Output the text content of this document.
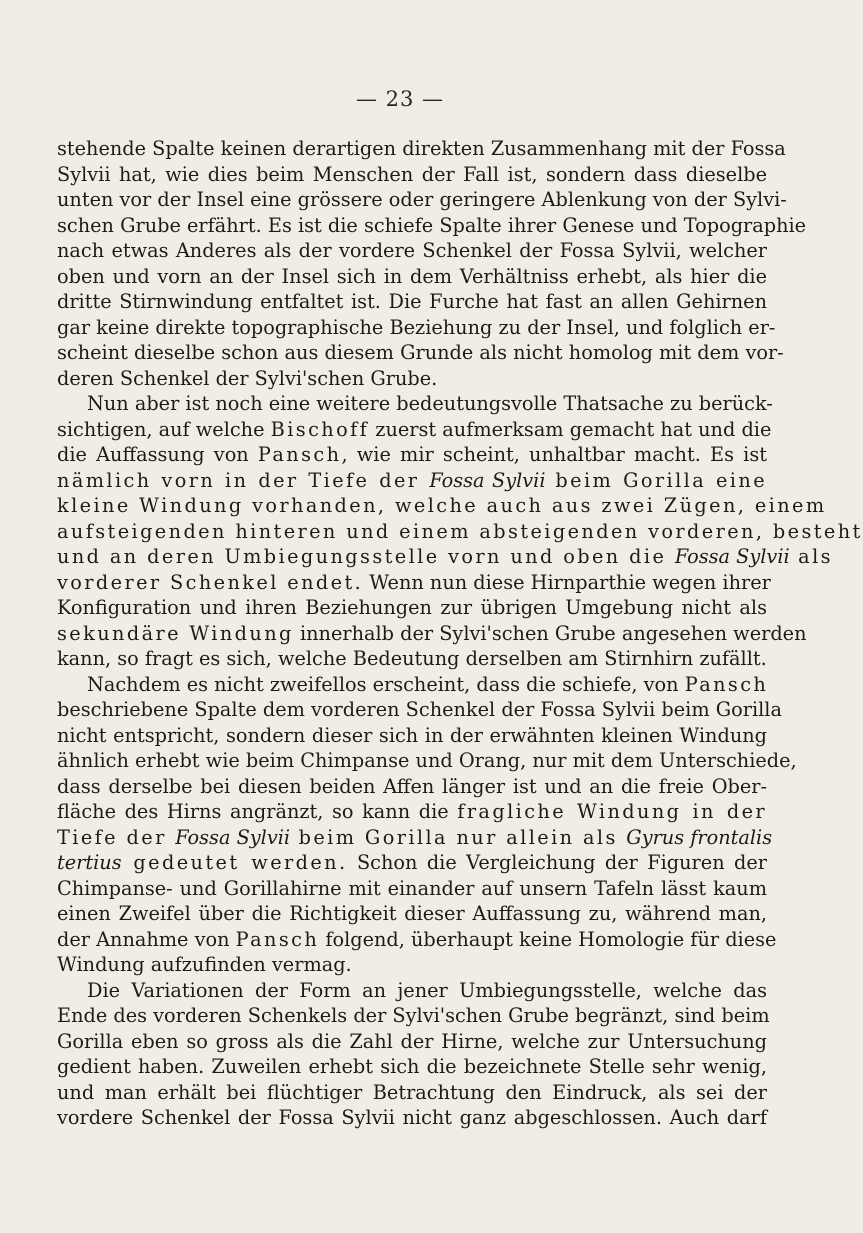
— 23 —
stehende Spalte keinen derartigen direkten Zusammenhang mit der Fossa
Sylvii hat, wie dies beim Menschen der Fall ist, sondern dass dieselbe
unten vor der Insel eine grössere oder geringere Ablenkung von der Sylvi-
schen Grube erfährt. Es ist die schiefe Spalte ihrer Genese und Topographie
nach etwas Anderes als der vordere Schenkel der Fossa Sylvii, welcher
oben und vorn an der Insel sich in dem Verhältniss erhebt, als hier die
dritte Stirnwindung entfaltet ist. Die Furche hat fast an allen Gehirnen
gar keine direkte topographische Beziehung zu der Insel, und folglich er-
scheint dieselbe schon aus diesem Grunde als nicht homolog mit dem vor-
deren Schenkel der Sylvi'schen Grube.
Nun aber ist noch eine weitere bedeutungsvolle Thatsache zu berück-
sichtigen, auf welche Bischoff zuerst aufmerksam gemacht hat und die
die Auffassung von Pansch, wie mir scheint, unhaltbar macht. Es ist
nämlich vorn in der Tiefe der Fossa Sylvii beim Gorilla eine
kleine Windung vorhanden, welche auch aus zwei Zügen, einem
aufsteigenden hinteren und einem absteigenden vorderen, besteht
und an deren Umbiegungsstelle vorn und oben die Fossa Sylvii als
vorderer Schenkel endet. Wenn nun diese Hirnparthie wegen ihrer
Konfiguration und ihren Beziehungen zur übrigen Umgebung nicht als
sekundäre Windung innerhalb der Sylvi'schen Grube angesehen werden
kann, so fragt es sich, welche Bedeutung derselben am Stirnhirn zufällt.
Nachdem es nicht zweifellos erscheint, dass die schiefe, von Pansch
beschriebene Spalte dem vorderen Schenkel der Fossa Sylvii beim Gorilla
nicht entspricht, sondern dieser sich in der erwähnten kleinen Windung
ähnlich erhebt wie beim Chimpanse und Orang, nur mit dem Unterschiede,
dass derselbe bei diesen beiden Affen länger ist und an die freie Ober-
fläche des Hirns angränzt, so kann die fragliche Windung in der
Tiefe der Fossa Sylvii beim Gorilla nur allein als Gyrus frontalis
tertius gedeutet werden. Schon die Vergleichung der Figuren der
Chimpanse- und Gorillahirne mit einander auf unsern Tafeln lässt kaum
einen Zweifel über die Richtigkeit dieser Auffassung zu, während man,
der Annahme von Pansch folgend, überhaupt keine Homologie für diese
Windung aufzufinden vermag.
Die Variationen der Form an jener Umbiegungsstelle, welche das
Ende des vorderen Schenkels der Sylvi'schen Grube begränzt, sind beim
Gorilla eben so gross als die Zahl der Hirne, welche zur Untersuchung
gedient haben. Zuweilen erhebt sich die bezeichnete Stelle sehr wenig,
und man erhält bei flüchtiger Betrachtung den Eindruck, als sei der
vordere Schenkel der Fossa Sylvii nicht ganz abgeschlossen. Auch darf
